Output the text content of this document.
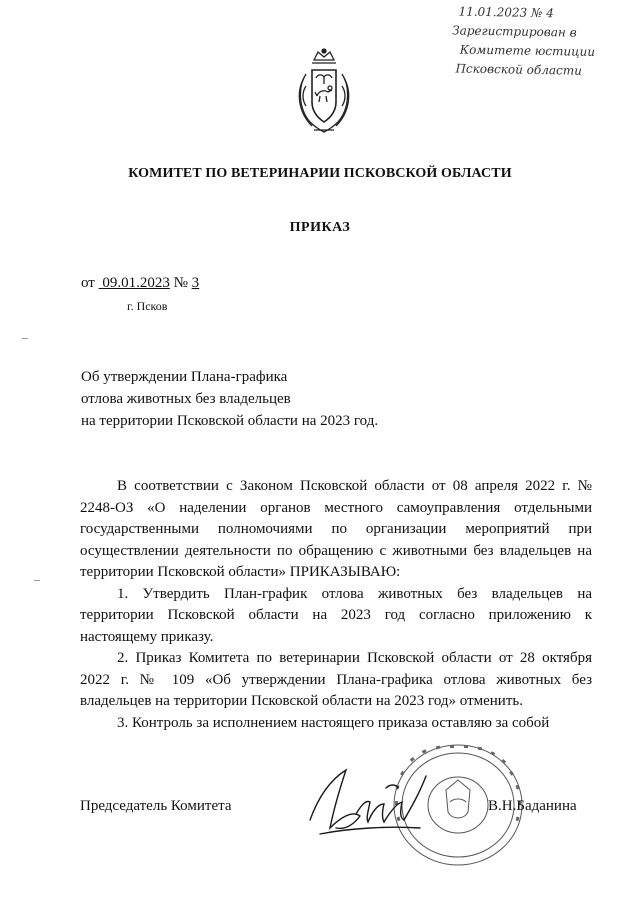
11.01.2023 № 4
Зарегистрирован в
Комитете юстиции
Псковской области
КОМИТЕТ ПО ВЕТЕРИНАРИИ ПСКОВСКОЙ ОБЛАСТИ
ПРИКАЗ
от 09.01.2023 № 3
г. Псков
–
–
Об утверждении Плана-графика
отлова животных без владельцев
на территории Псковской области на 2023 год.

В соответствии с Законом Псковской области от 08 апреля 2022 г. № 2248-ОЗ «О наделении органов местного самоуправления отдельными государственными полномочиями по организации мероприятий при осуществлении деятельности по обращению с животными без владельцев на территории Псковской области» ПРИКАЗЫВАЮ:

1. Утвердить План-график отлова животных без владельцев на территории Псковской области на 2023 год согласно приложению к настоящему приказу.

2. Приказ Комитета по ветеринарии Псковской области от 28 октября 2022 г. № 109 «Об утверждении Плана-графика отлова животных без владельцев на территории Псковской области на 2023 год» отменить.

3. Контроль за исполнением настоящего приказа оставляю за собой

Председатель Комитета	В.Н.Баданина
